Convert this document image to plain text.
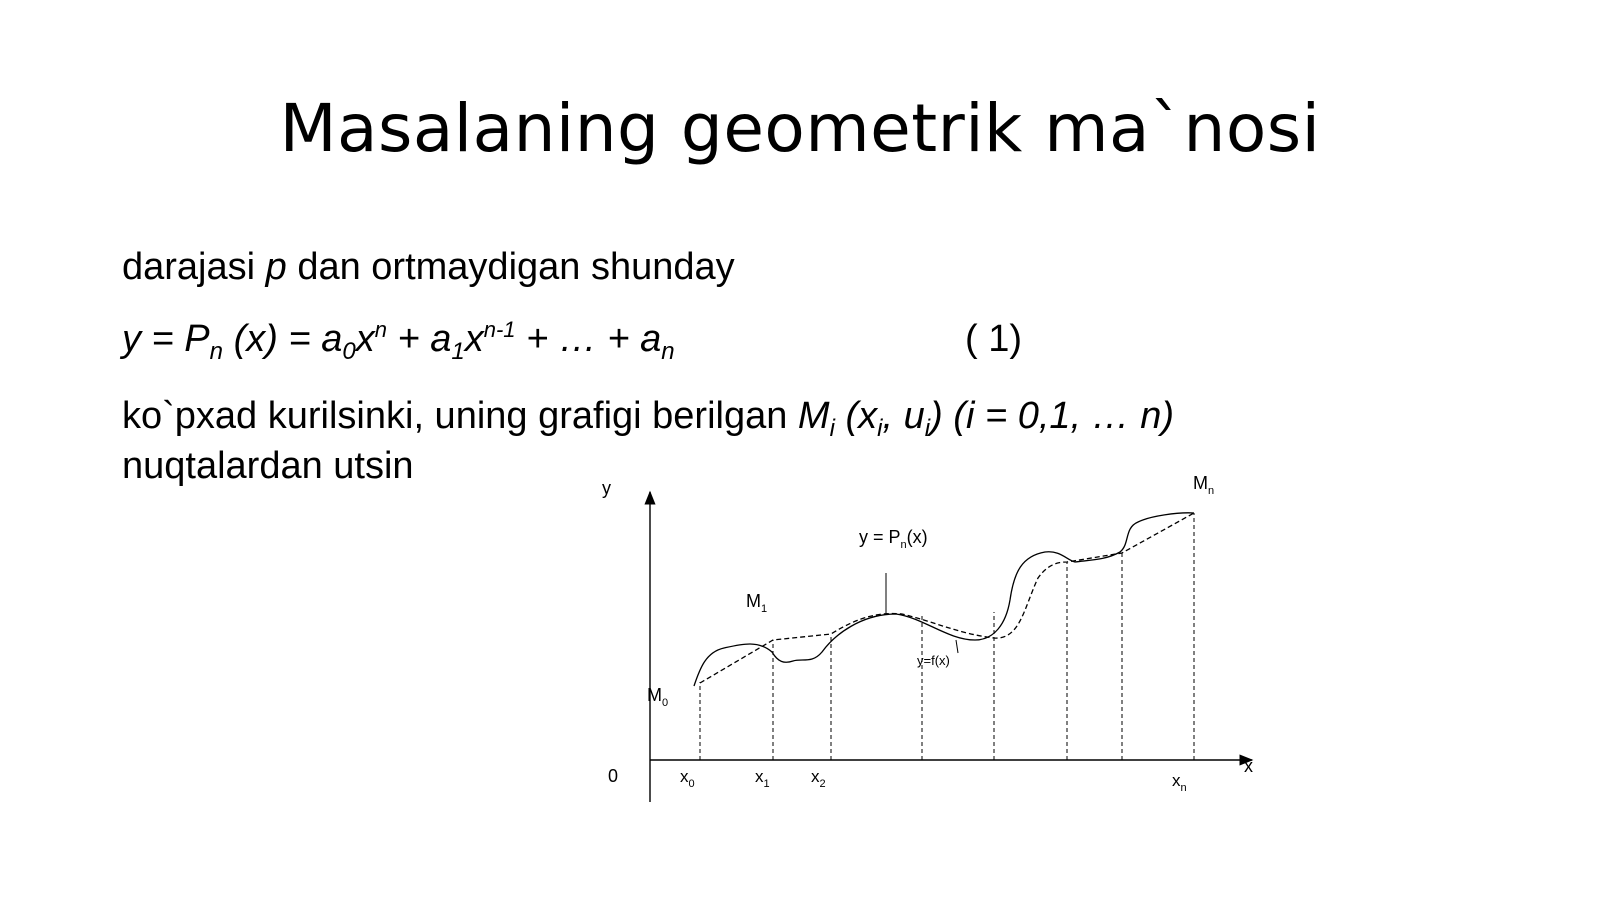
Masalaning geometrik ma`nosi
darajasi p dan ortmaydigan shunday
$y = P_n$ $(x) = a_0x^n + a_1x^{n-1}$ + … + $a_n$	( 1)
ko`pxad kurilsinki, uning grafigi berilgan $M_i$ ($x_i$, $u_i$) (i = 0,1, … n)
nuqtalardan utsin
y
x
0	$x_0$	$x_1$ $x_2$	$x_n$
$M_0$
$M_1$
$M_n$
$y = P_n(x)$
y=f(x)
